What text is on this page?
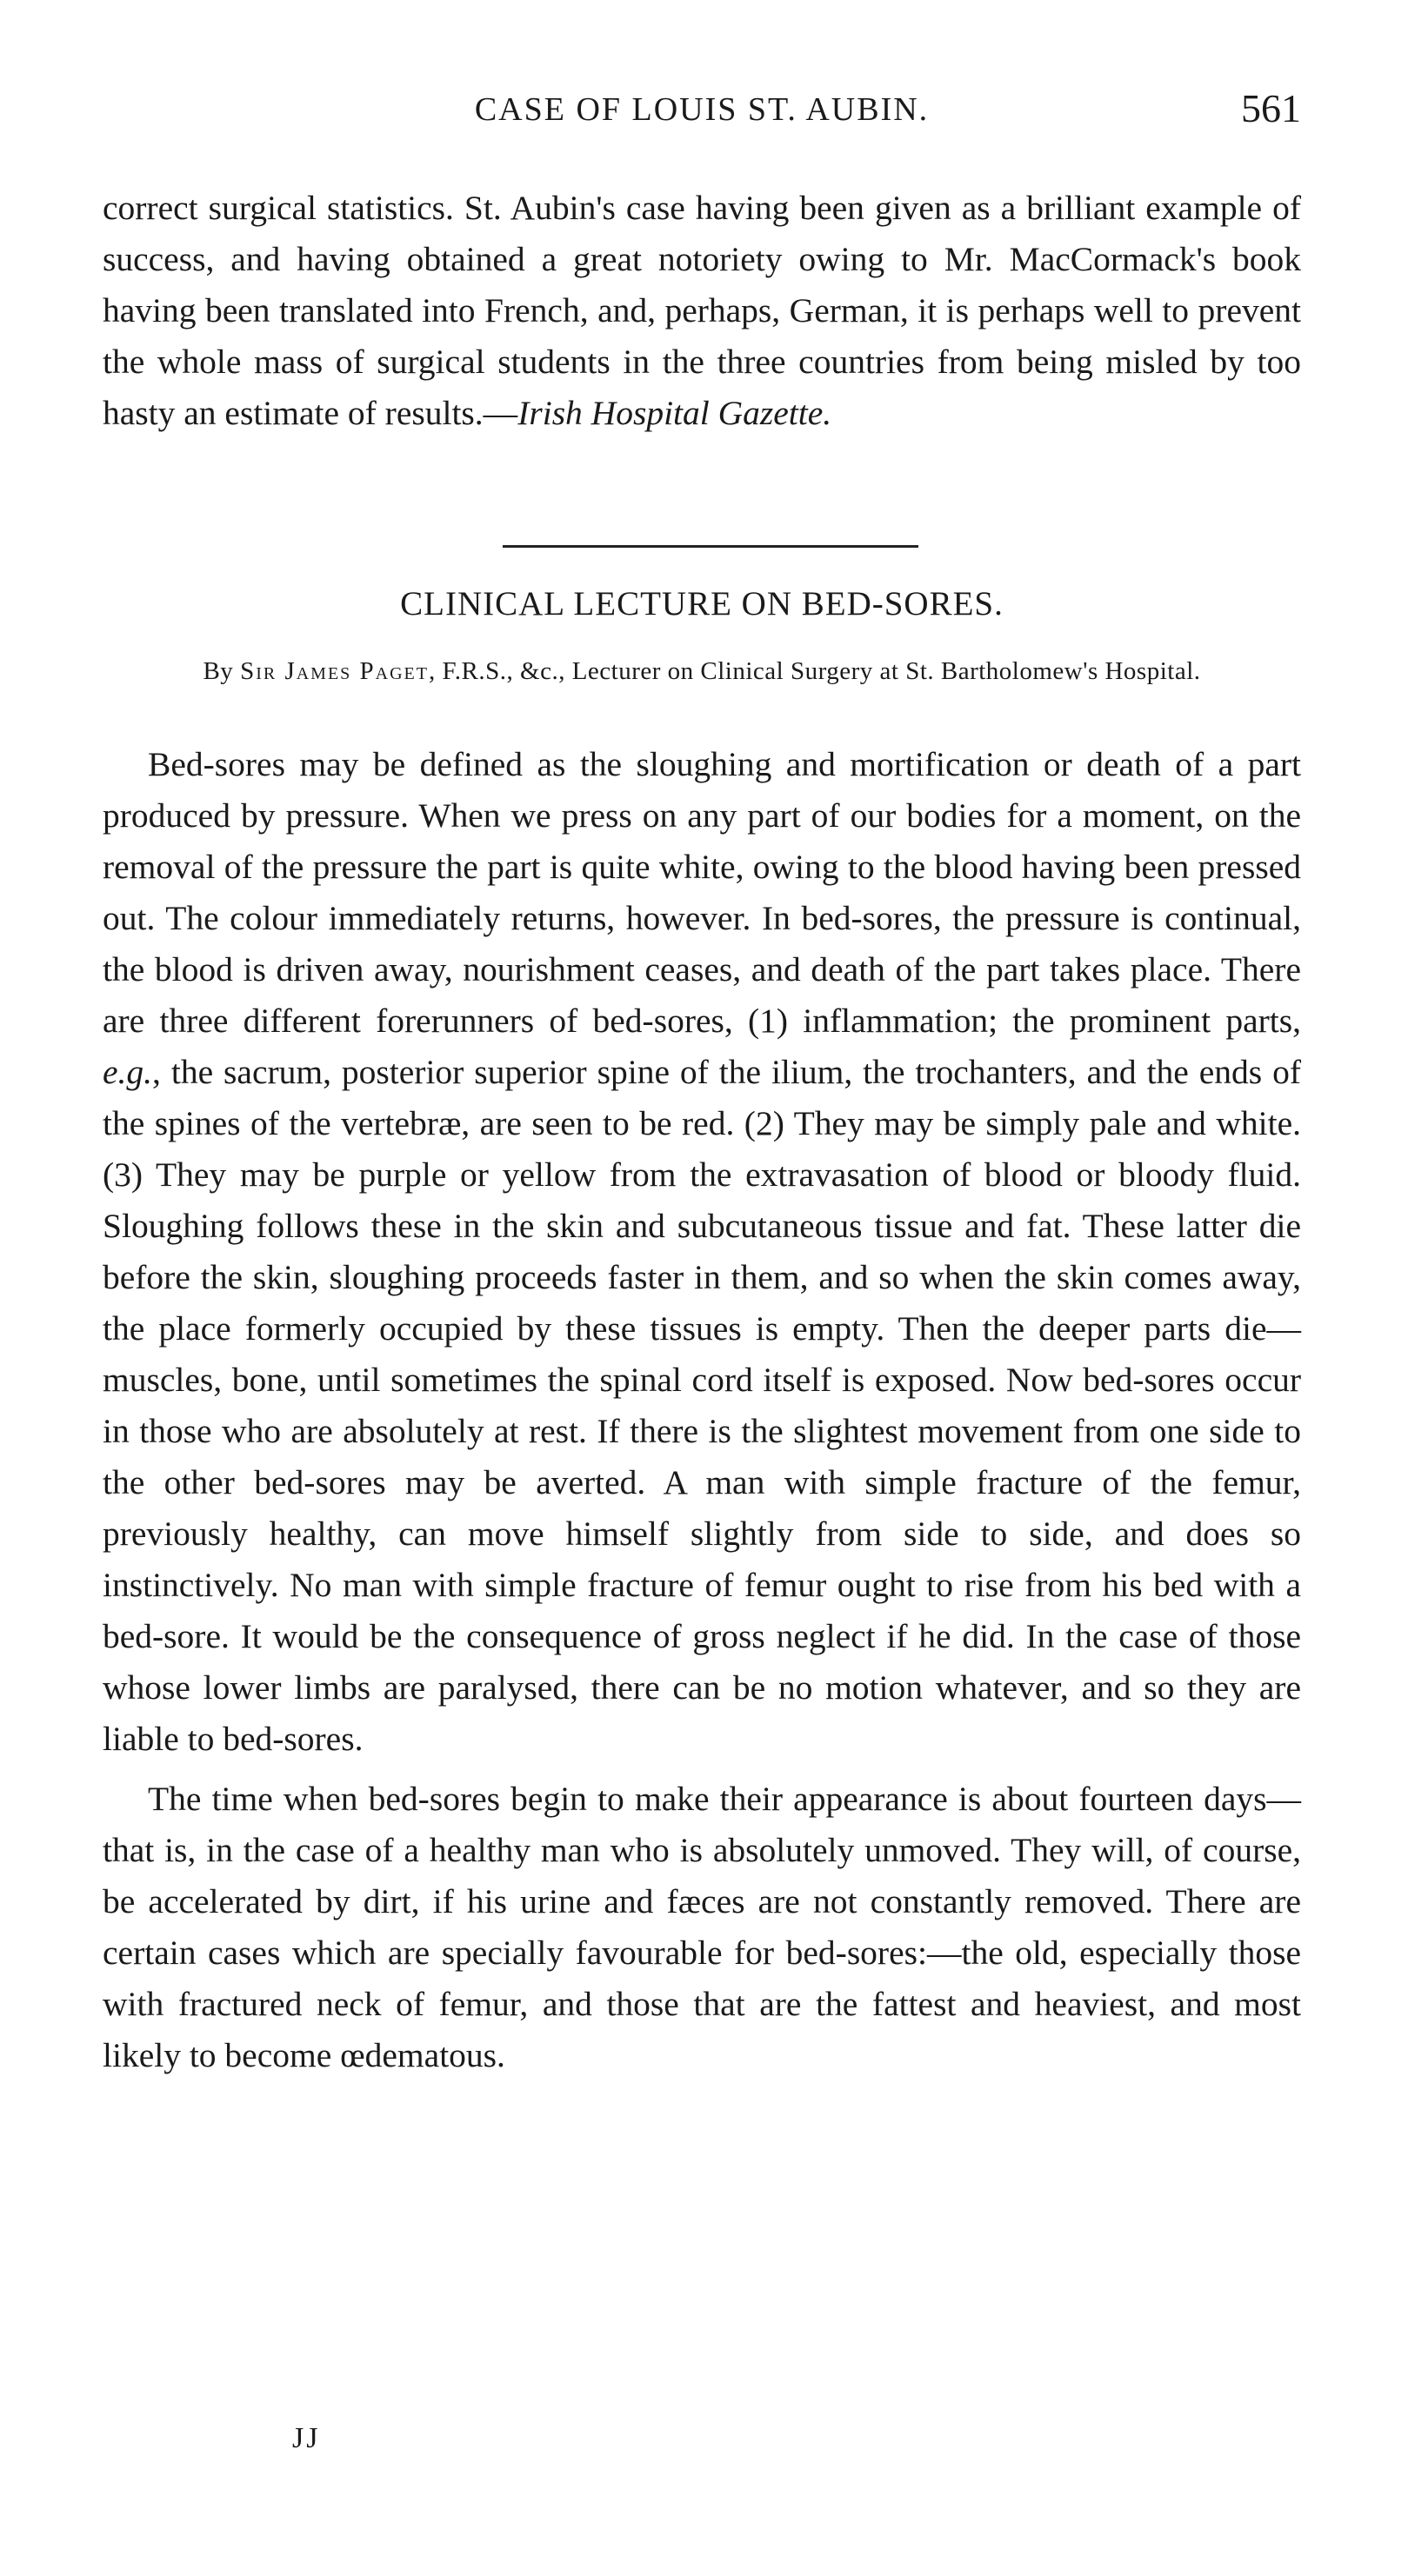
CASE OF LOUIS ST. AUBIN.	561

correct surgical statistics. St. Aubin's case having been given as a brilliant example of success, and having obtained a great notoriety owing to Mr. MacCormack's book having been translated into French, and, perhaps, German, it is perhaps well to prevent the whole mass of surgical students in the three countries from being misled by too hasty an estimate of results.—Irish Hospital Gazette.

CLINICAL LECTURE ON BED-SORES.
By Sir James Paget, F.R.S., &c., Lecturer on Clinical Surgery at St. Bartholomew's Hospital.

Bed-sores may be defined as the sloughing and mortification or death of a part produced by pressure. When we press on any part of our bodies for a moment, on the removal of the pressure the part is quite white, owing to the blood having been pressed out. The colour immediately returns, however. In bed-sores, the pressure is continual, the blood is driven away, nourishment ceases, and death of the part takes place. There are three different forerunners of bed-sores, (1) inflammation; the prominent parts, e.g., the sacrum, posterior superior spine of the ilium, the trochanters, and the ends of the spines of the vertebræ, are seen to be red. (2) They may be simply pale and white. (3) They may be purple or yellow from the extravasation of blood or bloody fluid. Sloughing follows these in the skin and subcutaneous tissue and fat. These latter die before the skin, sloughing proceeds faster in them, and so when the skin comes away, the place formerly occupied by these tissues is empty. Then the deeper parts die—muscles, bone, until sometimes the spinal cord itself is exposed. Now bed-sores occur in those who are absolutely at rest. If there is the slightest movement from one side to the other bed-sores may be averted. A man with simple fracture of the femur, previously healthy, can move himself slightly from side to side, and does so instinctively. No man with simple fracture of femur ought to rise from his bed with a bed-sore. It would be the consequence of gross neglect if he did. In the case of those whose lower limbs are paralysed, there can be no motion whatever, and so they are liable to bed-sores.

The time when bed-sores begin to make their appearance is about fourteen days—that is, in the case of a healthy man who is absolutely unmoved. They will, of course, be accelerated by dirt, if his urine and fæces are not constantly removed. There are certain cases which are specially favourable for bed-sores:—the old, especially those with fractured neck of femur, and those that are the fattest and heaviest, and most likely to become œdematous.

JJ
